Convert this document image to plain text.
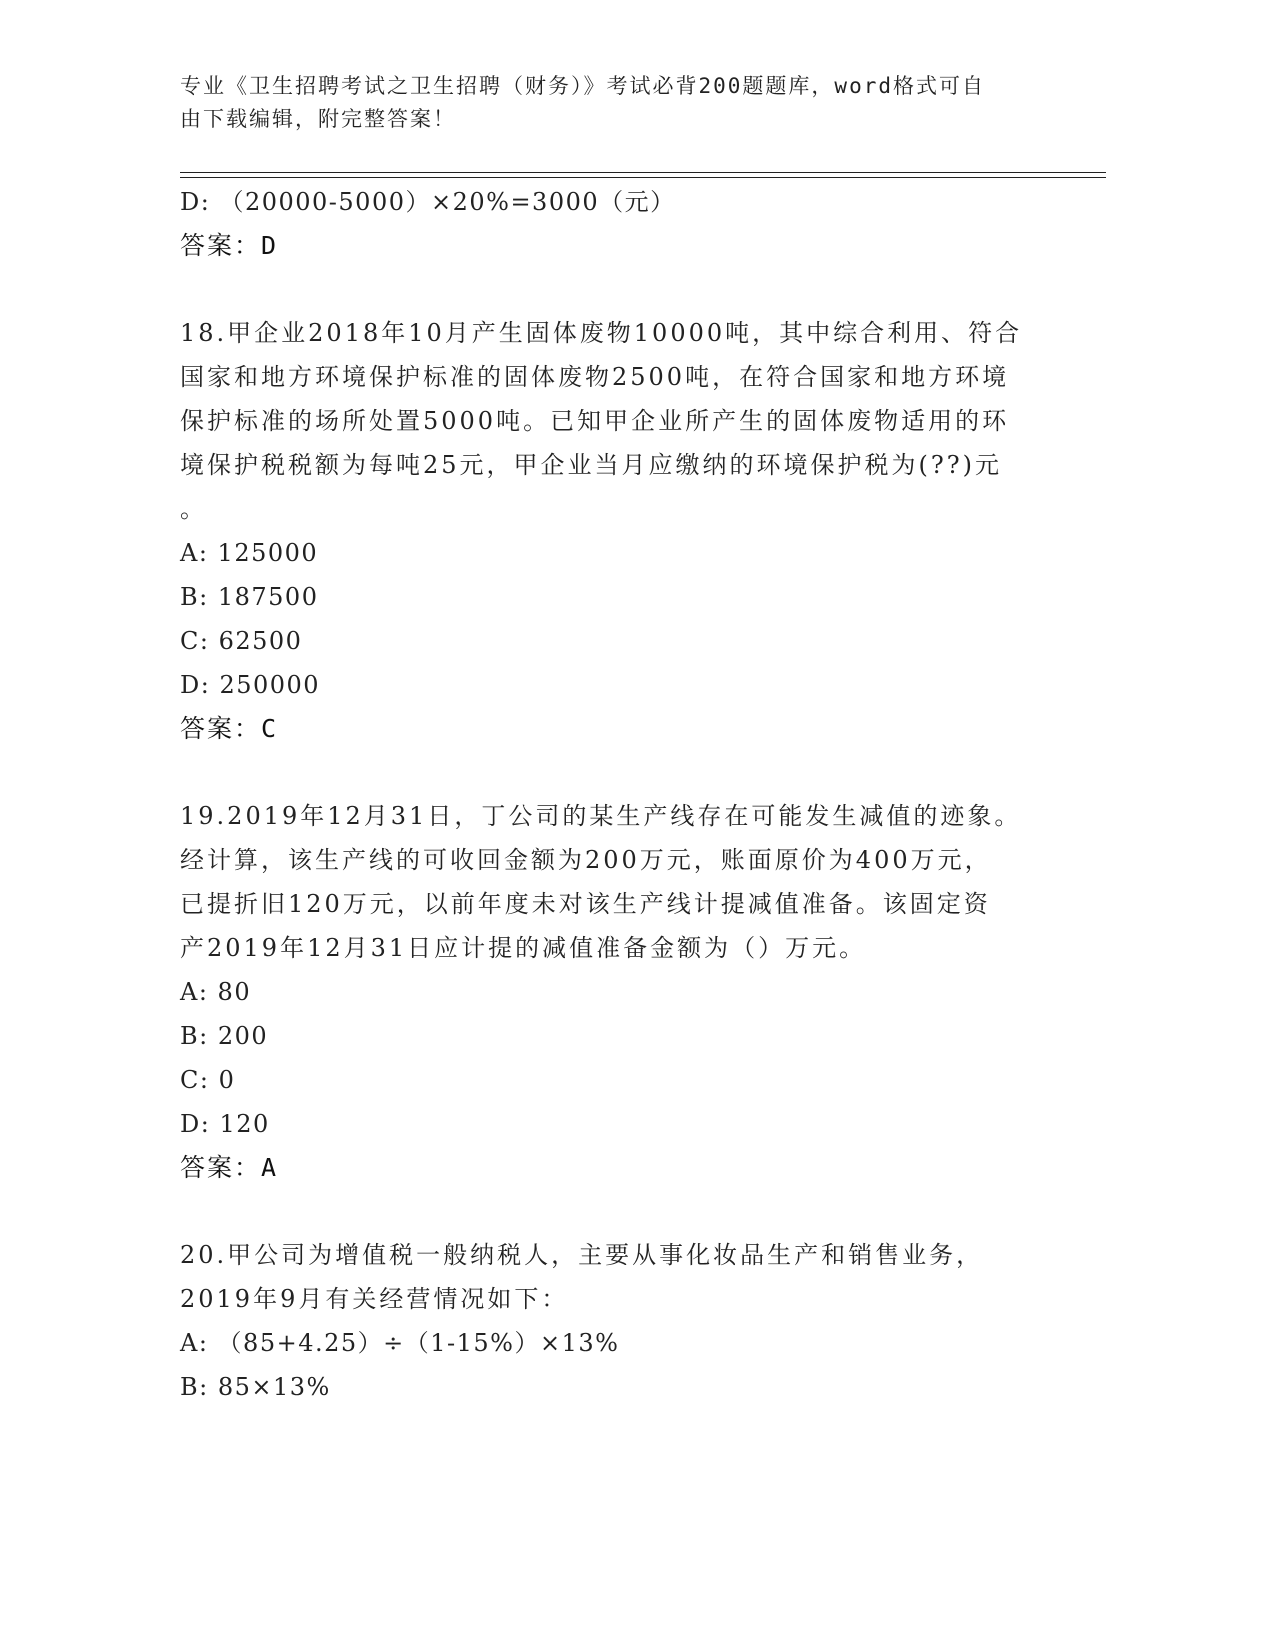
专业《卫生招聘考试之卫生招聘（财务）》考试必背200题题库，word格式可自
由下载编辑，附完整答案！
D: （20000-5000）×20%=3000（元）
答案：D
18.甲企业2018年10月产生固体废物10000吨，其中综合利用、符合
国家和地方环境保护标准的固体废物2500吨，在符合国家和地方环境
保护标准的场所处置5000吨。已知甲企业所产生的固体废物适用的环
境保护税税额为每吨25元，甲企业当月应缴纳的环境保护税为(??)元
。
A: 125000
B: 187500
C: 62500
D: 250000
答案：C
19.2019年12月31日，丁公司的某生产线存在可能发生减值的迹象。
经计算，该生产线的可收回金额为200万元，账面原价为400万元，
已提折旧120万元，以前年度未对该生产线计提减值准备。该固定资
产2019年12月31日应计提的减值准备金额为（）万元。
A: 80
B: 200
C: 0
D: 120
答案：A
20.甲公司为增值税一般纳税人，主要从事化妆品生产和销售业务，
2019年9月有关经营情况如下：
A: （85+4.25）÷（1-15%）×13%
B: 85×13%
